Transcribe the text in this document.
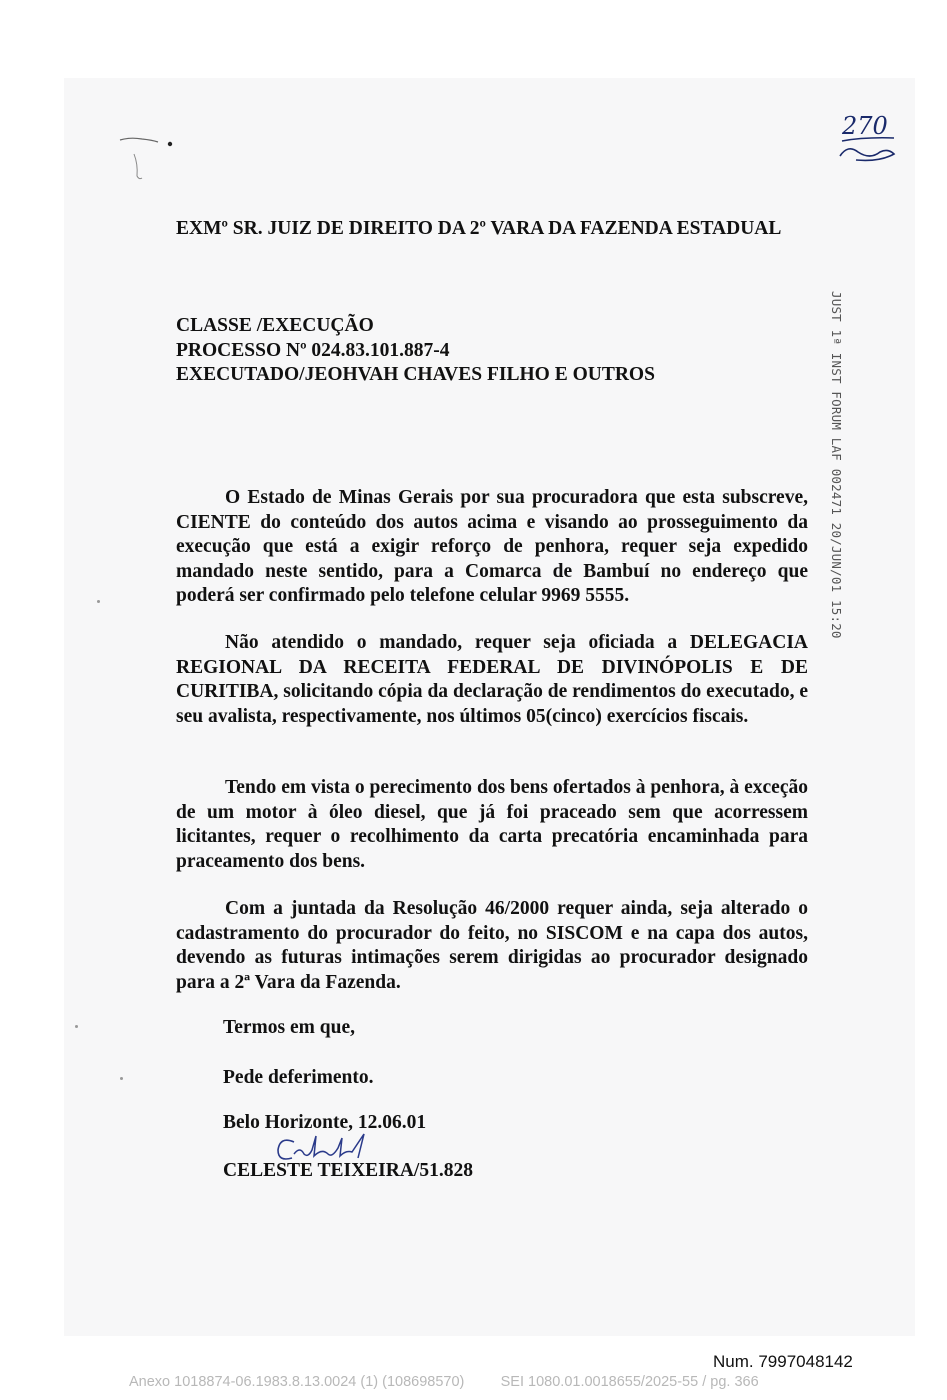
270
JUST 1ª INST FORUM LAF 002471 20/JUN/01 15:20

EXMº SR. JUIZ DE DIREITO DA 2º VARA DA FAZENDA ESTADUAL

CLASSE /EXECUÇÃO
PROCESSO Nº 024.83.101.887-4
EXECUTADO/JEOHVAH CHAVES FILHO E OUTROS

O Estado de Minas Gerais por sua procuradora que esta subscreve, CIENTE do conteúdo dos autos acima e visando ao prosseguimento da execução que está a exigir reforço de penhora, requer seja expedido mandado neste sentido, para a Comarca de Bambuí no endereço que poderá ser confirmado pelo telefone celular 9969 5555.

Não atendido o mandado, requer seja oficiada a DELEGACIA REGIONAL DA RECEITA FEDERAL DE DIVINÓPOLIS E DE CURITIBA, solicitando cópia da declaração de rendimentos do executado, e seu avalista, respectivamente, nos últimos 05(cinco) exercícios fiscais.

Tendo em vista o perecimento dos bens ofertados à penhora, à exceção de um motor à óleo diesel, que já foi praceado sem que acorressem licitantes, requer o recolhimento da carta precatória encaminhada para praceamento dos bens.

Com a juntada da Resolução 46/2000 requer ainda, seja alterado o cadastramento do procurador do feito, no SISCOM e na capa dos autos, devendo as futuras intimações serem dirigidas ao procurador designado para a 2ª Vara da Fazenda.

Termos em que,
Pede deferimento.
Belo Horizonte, 12.06.01
CELESTE TEIXEIRA/51.828
Num. 7997048142
Anexo 1018874-06.1983.8.13.0024 (1) (108698570)         SEI 1080.01.0018655/2025-55 / pg. 366
